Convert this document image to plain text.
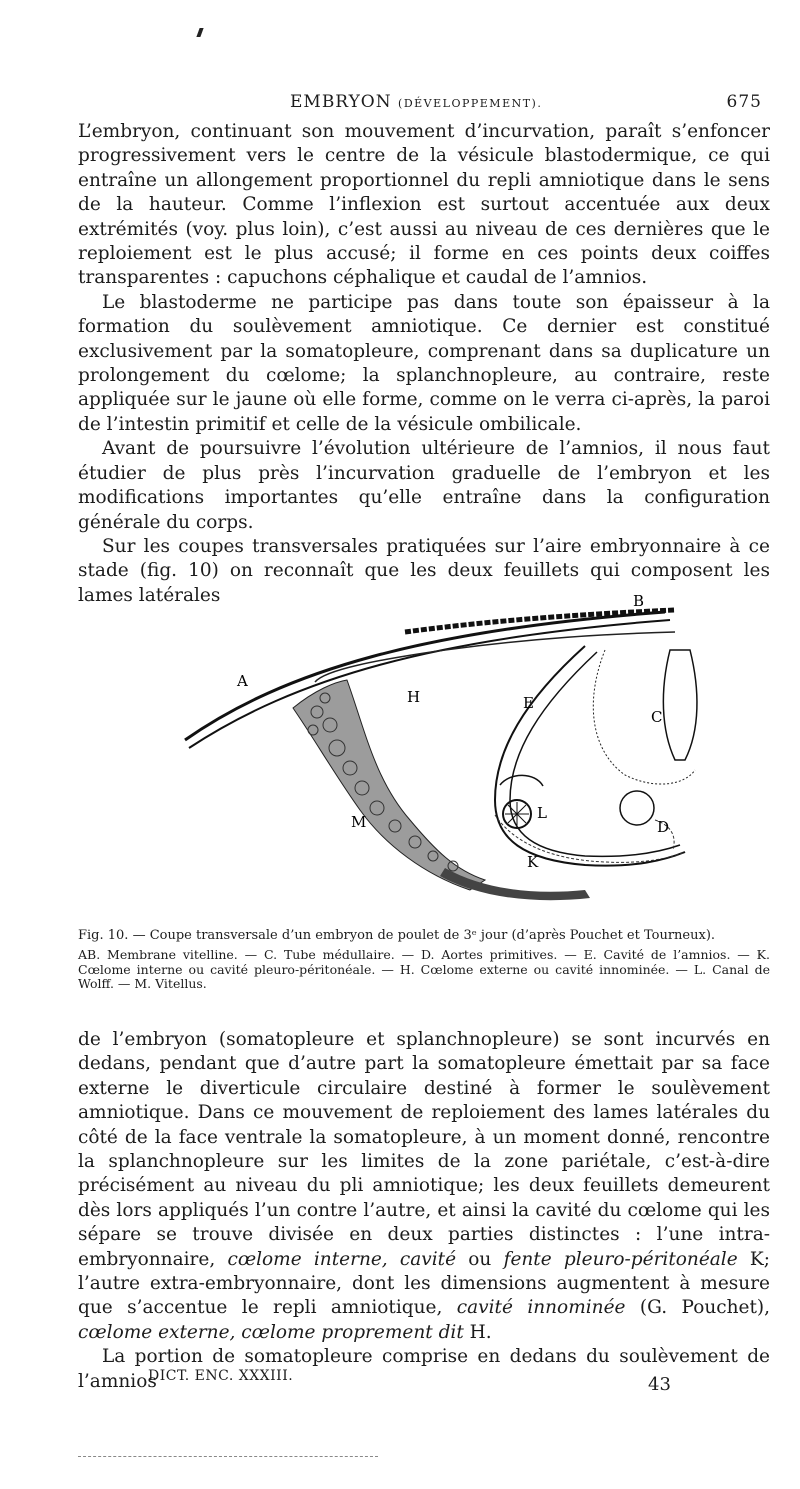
EMBRYON (DÉVELOPPEMENT).	675

L’embryon, continuant son mouvement d’incurvation, paraît s’enfoncer progressivement vers le centre de la vésicule blastodermique, ce qui entraîne un allongement proportionnel du repli amniotique dans le sens de la hauteur. Comme l’inflexion est surtout accentuée aux deux extrémités (voy. plus loin), c’est aussi au niveau de ces dernières que le reploiement est le plus accusé; il forme en ces points deux coiffes transparentes : capuchons céphalique et caudal de l’amnios.

Le blastoderme ne participe pas dans toute son épaisseur à la formation du soulèvement amniotique. Ce dernier est constitué exclusivement par la somatopleure, comprenant dans sa duplicature un prolongement du cœlome; la splanchnopleure, au contraire, reste appliquée sur le jaune où elle forme, comme on le verra ci-après, la paroi de l’intestin primitif et celle de la vésicule ombilicale.

Avant de poursuivre l’évolution ultérieure de l’amnios, il nous faut étudier de plus près l’incurvation graduelle de l’embryon et les modifications importantes qu’elle entraîne dans la configuration générale du corps.

Sur les coupes transversales pratiquées sur l’aire embryonnaire à ce stade (fig. 10) on reconnaît que les deux feuillets qui composent les lames latérales

A
B
H	E
C
L
M	D
K
Fig. 10. — Coupe transversale d’un embryon de poulet de 3ᵉ jour (d’après Pouchet et Tourneux).

AB. Membrane vitelline. — C. Tube médullaire. — D. Aortes primitives. — E. Cavité de l’amnios. — K. Cœlome interne ou cavité pleuro-péritonéale. — H. Cœlome externe ou cavité innominée. — L. Canal de Wolff. — M. Vitellus.

de l’embryon (somatopleure et splanchnopleure) se sont incurvés en dedans, pendant que d’autre part la somatopleure émettait par sa face externe le diverticule circulaire destiné à former le soulèvement amniotique. Dans ce mouvement de reploiement des lames latérales du côté de la face ventrale la somatopleure, à un moment donné, rencontre la splanchnopleure sur les limites de la zone pariétale, c’est-à-dire précisément au niveau du pli amniotique; les deux feuillets demeurent dès lors appliqués l’un contre l’autre, et ainsi la cavité du cœlome qui les sépare se trouve divisée en deux parties distinctes : l’une intra-embryonnaire, cœlome interne, cavité ou fente pleuro-péritonéale K; l’autre extra-embryonnaire, dont les dimensions augmentent à mesure que s’accentue le repli amniotique, cavité innominée (G. Pouchet), cœlome externe, cœlome proprement dit H.

La portion de somatopleure comprise en dedans du soulèvement de l’amnios

DICT. ENC. XXXIII.	43
